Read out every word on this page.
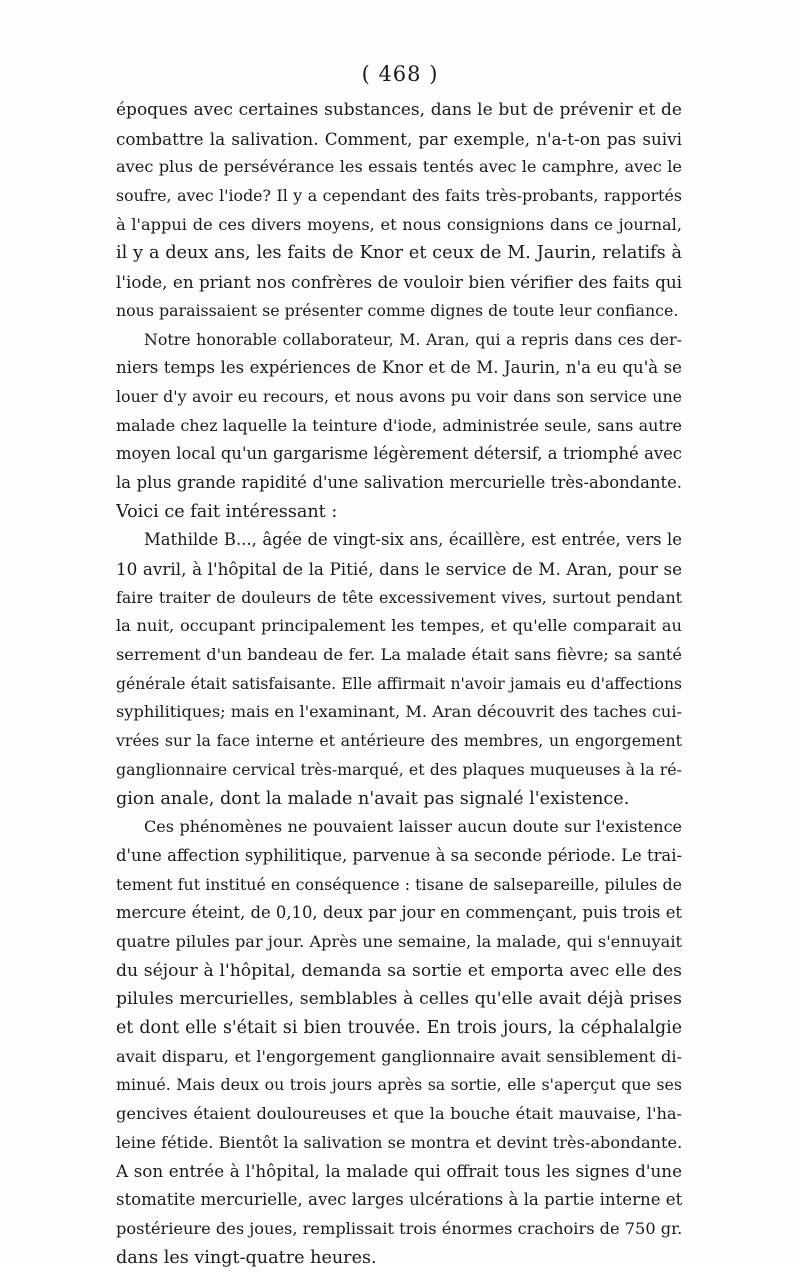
( 468 )
époques avec certaines substances, dans le but de prévenir et de
combattre la salivation. Comment, par exemple, n'a-t-on pas suivi
avec plus de persévérance les essais tentés avec le camphre, avec le
soufre, avec l'iode? Il y a cependant des faits très-probants, rapportés
à l'appui de ces divers moyens, et nous consignions dans ce journal,
il y a deux ans, les faits de Knor et ceux de M. Jaurin, relatifs à
l'iode, en priant nos confrères de vouloir bien vérifier des faits qui
nous paraissaient se présenter comme dignes de toute leur confiance.
Notre honorable collaborateur, M. Aran, qui a repris dans ces der-
niers temps les expériences de Knor et de M. Jaurin, n'a eu qu'à se
louer d'y avoir eu recours, et nous avons pu voir dans son service une
malade chez laquelle la teinture d'iode, administrée seule, sans autre
moyen local qu'un gargarisme légèrement détersif, a triomphé avec
la plus grande rapidité d'une salivation mercurielle très-abondante.
Voici ce fait intéressant :
Mathilde B..., âgée de vingt-six ans, écaillère, est entrée, vers le
10 avril, à l'hôpital de la Pitié, dans le service de M. Aran, pour se
faire traiter de douleurs de tête excessivement vives, surtout pendant
la nuit, occupant principalement les tempes, et qu'elle comparait au
serrement d'un bandeau de fer. La malade était sans fièvre; sa santé
générale était satisfaisante. Elle affirmait n'avoir jamais eu d'affections
syphilitiques; mais en l'examinant, M. Aran découvrit des taches cui-
vrées sur la face interne et antérieure des membres, un engorgement
ganglionnaire cervical très-marqué, et des plaques muqueuses à la ré-
gion anale, dont la malade n'avait pas signalé l'existence.
Ces phénomènes ne pouvaient laisser aucun doute sur l'existence
d'une affection syphilitique, parvenue à sa seconde période. Le trai-
tement fut institué en conséquence : tisane de salsepareille, pilules de
mercure éteint, de 0,10, deux par jour en commençant, puis trois et
quatre pilules par jour. Après une semaine, la malade, qui s'ennuyait
du séjour à l'hôpital, demanda sa sortie et emporta avec elle des
pilules mercurielles, semblables à celles qu'elle avait déjà prises
et dont elle s'était si bien trouvée. En trois jours, la céphalalgie
avait disparu, et l'engorgement ganglionnaire avait sensiblement di-
minué. Mais deux ou trois jours après sa sortie, elle s'aperçut que ses
gencives étaient douloureuses et que la bouche était mauvaise, l'ha-
leine fétide. Bientôt la salivation se montra et devint très-abondante.
A son entrée à l'hôpital, la malade qui offrait tous les signes d'une
stomatite mercurielle, avec larges ulcérations à la partie interne et
postérieure des joues, remplissait trois énormes crachoirs de 750 gr.
dans les vingt-quatre heures.
